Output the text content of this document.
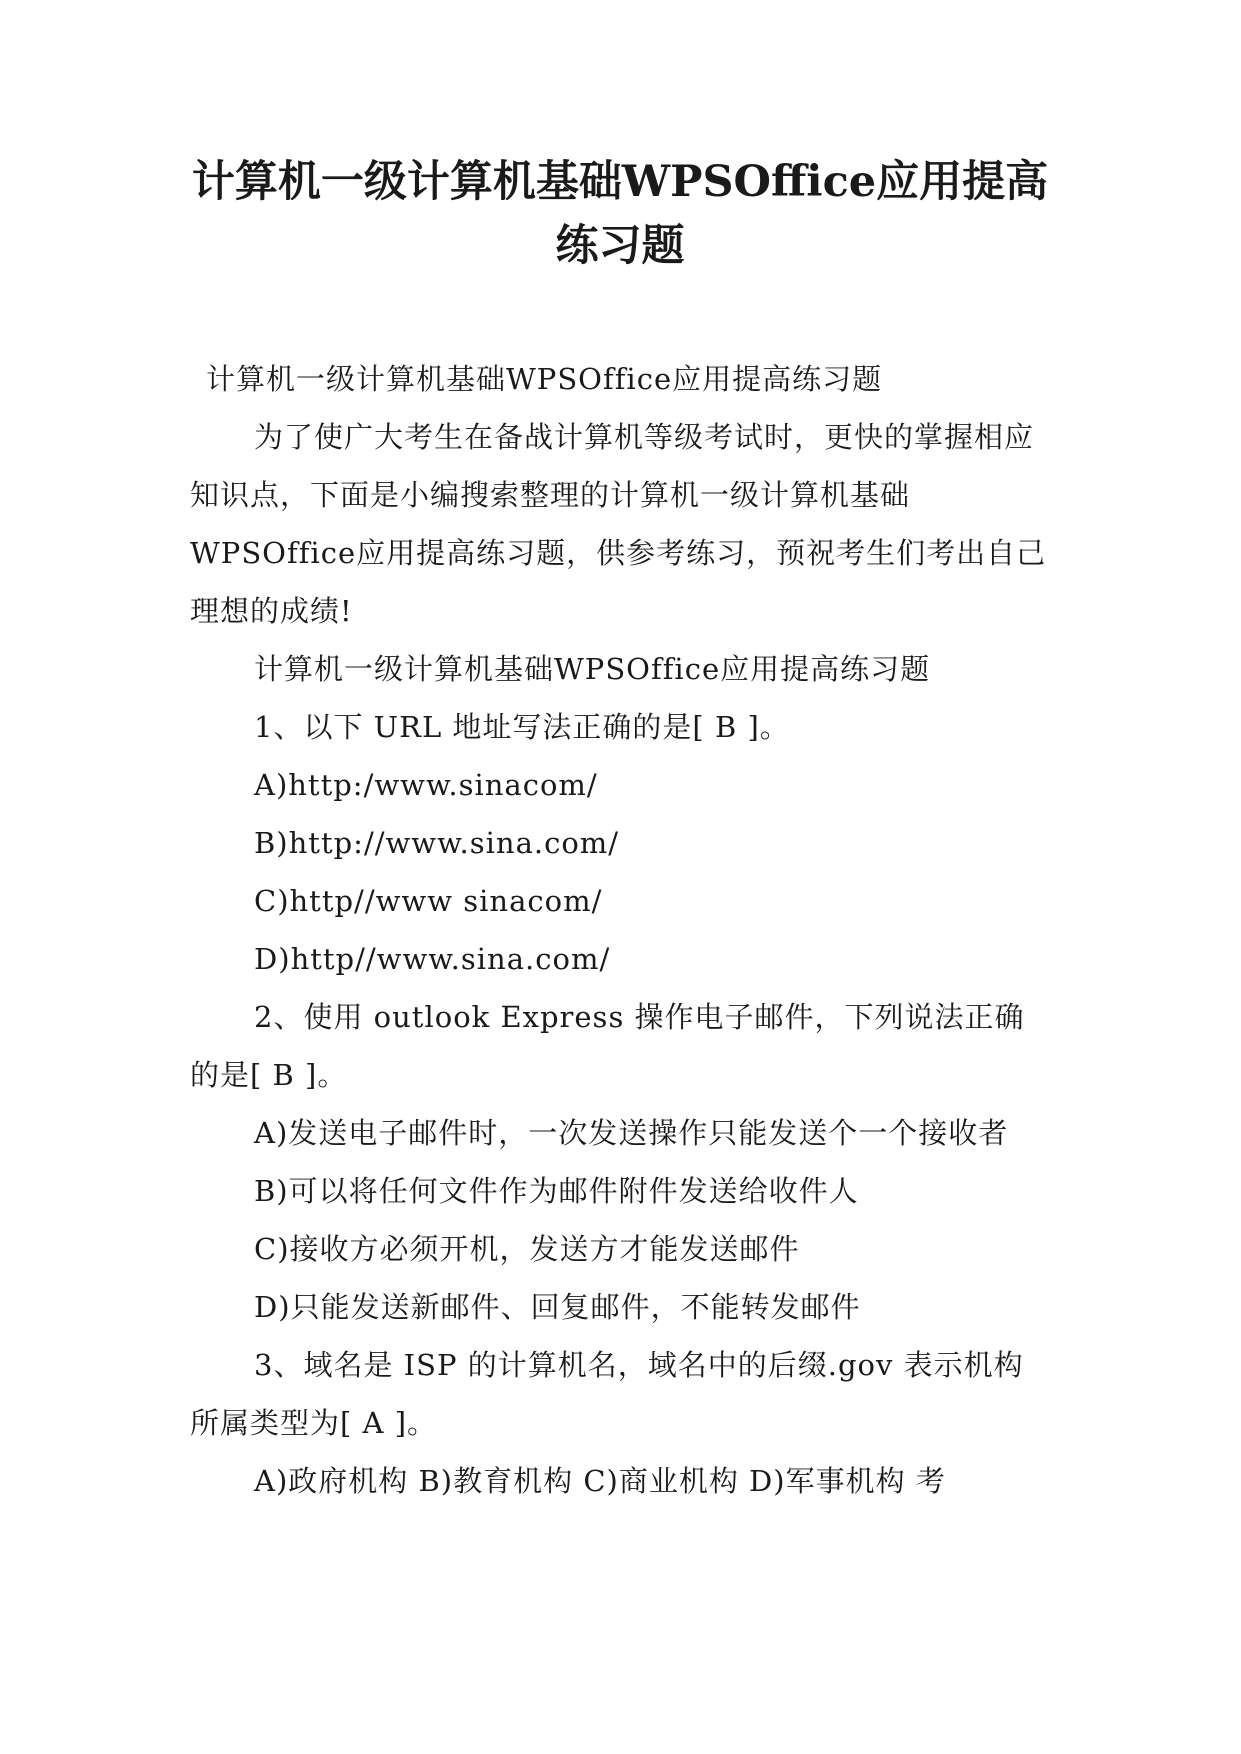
计算机一级计算机基础WPSOffice应用提高练习题

计算机一级计算机基础WPSOffice应用提高练习题

为了使广大考生在备战计算机等级考试时，更快的掌握相应知识点，下面是小编搜索整理的计算机一级计算机基础WPSOffice应用提高练习题，供参考练习，预祝考生们考出自己理想的成绩!

计算机一级计算机基础WPSOffice应用提高练习题

1、以下 URL 地址写法正确的是[ B ]。

A)http:/www.sinacom/

B)http://www.sina.com/

C)http//www sinacom/

D)http//www.sina.com/

2、使用 outlook Express 操作电子邮件，下列说法正确的是[ B ]。

A)发送电子邮件时，一次发送操作只能发送个一个接收者

B)可以将任何文件作为邮件附件发送给收件人

C)接收方必须开机，发送方才能发送邮件

D)只能发送新邮件、回复邮件，不能转发邮件

3、域名是 ISP 的计算机名，域名中的后缀.gov 表示机构所属类型为[ A ]。

A)政府机构 B)教育机构 C)商业机构 D)军事机构 考
